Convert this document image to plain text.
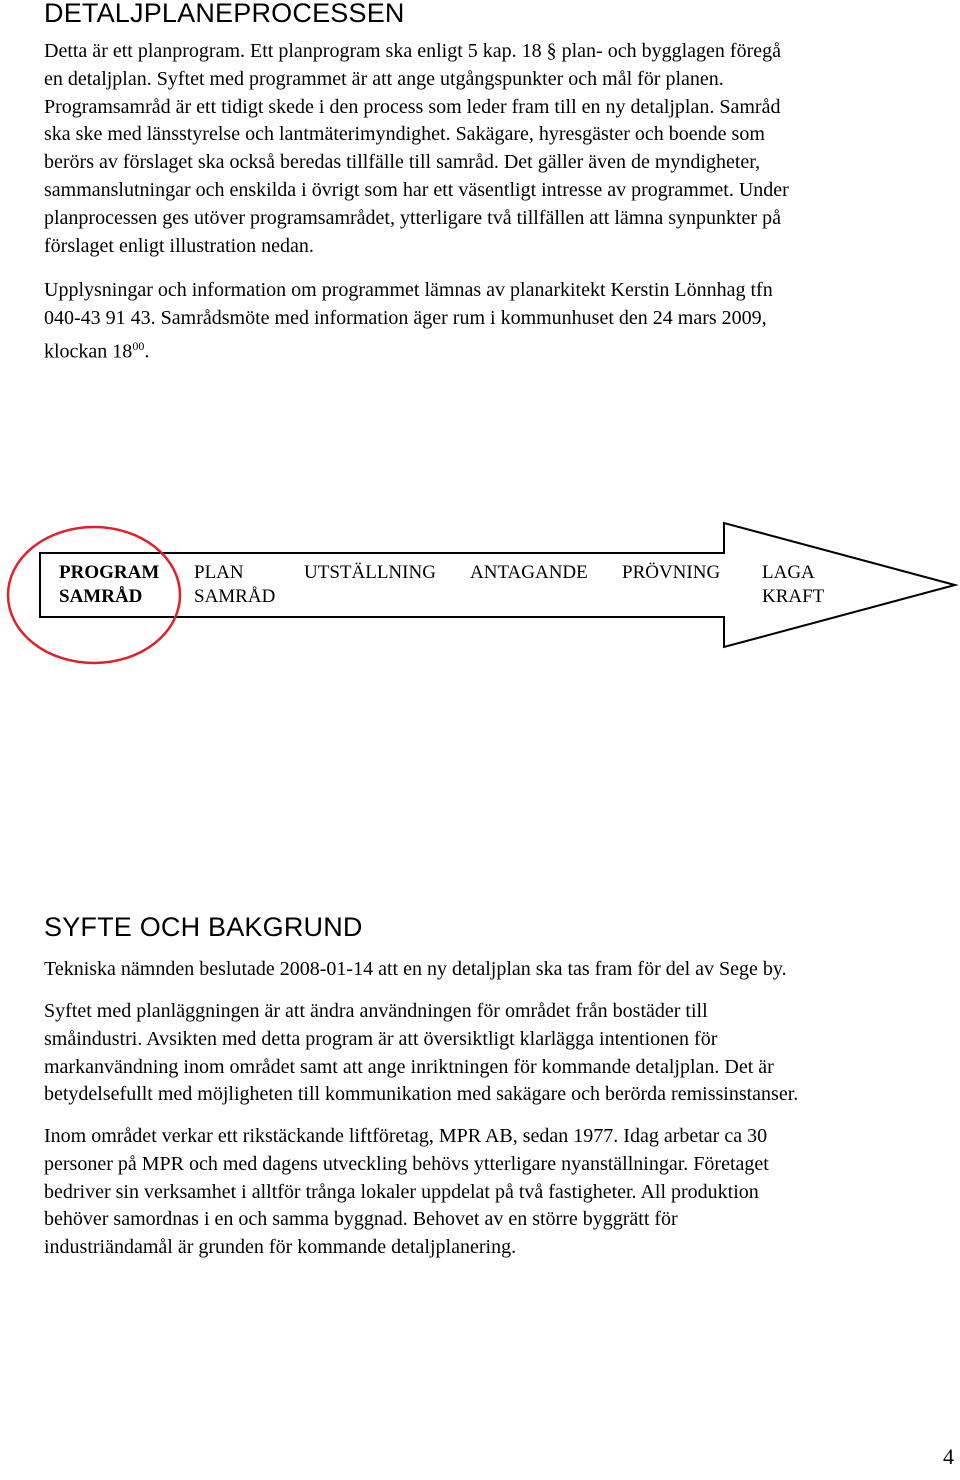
DETALJPLANEPROCESSEN
Detta är ett planprogram. Ett planprogram ska enligt 5 kap. 18 § plan- och bygglagen föregå
en detaljplan. Syftet med programmet är att ange utgångspunkter och mål för planen.
Programsamråd är ett tidigt skede i den process som leder fram till en ny detaljplan. Samråd
ska ske med länsstyrelse och lantmäterimyndighet. Sakägare, hyresgäster och boende som
berörs av förslaget ska också beredas tillfälle till samråd. Det gäller även de myndigheter,
sammanslutningar och enskilda i övrigt som har ett väsentligt intresse av programmet. Under
planprocessen ges utöver programsamrådet, ytterligare två tillfällen att lämna synpunkter på
förslaget enligt illustration nedan.
Upplysningar och information om programmet lämnas av planarkitekt Kerstin Lönnhag tfn
040-43 91 43. Samrådsmöte med information äger rum i kommunhuset den 24 mars 2009,
klockan $18^{00}$.
PROGRAM
SAMRÅD
PLAN
SAMRÅD
UTSTÄLLNING ANTAGANDE PRÖVNING LAGA
KRAFT
SYFTE OCH BAKGRUND
Tekniska nämnden beslutade 2008-01-14 att en ny detaljplan ska tas fram för del av Sege by.
Syftet med planläggningen är att ändra användningen för området från bostäder till
småindustri. Avsikten med detta program är att översiktligt klarlägga intentionen för
markanvändning inom området samt att ange inriktningen för kommande detaljplan. Det är
betydelsefullt med möjligheten till kommunikation med sakägare och berörda remissinstanser.
Inom området verkar ett rikstäckande liftföretag, MPR AB, sedan 1977. Idag arbetar ca 30
personer på MPR och med dagens utveckling behövs ytterligare nyanställningar. Företaget
bedriver sin verksamhet i alltför trånga lokaler uppdelat på två fastigheter. All produktion
behöver samordnas i en och samma byggnad. Behovet av en större byggrätt för
industriändamål är grunden för kommande detaljplanering.
4
